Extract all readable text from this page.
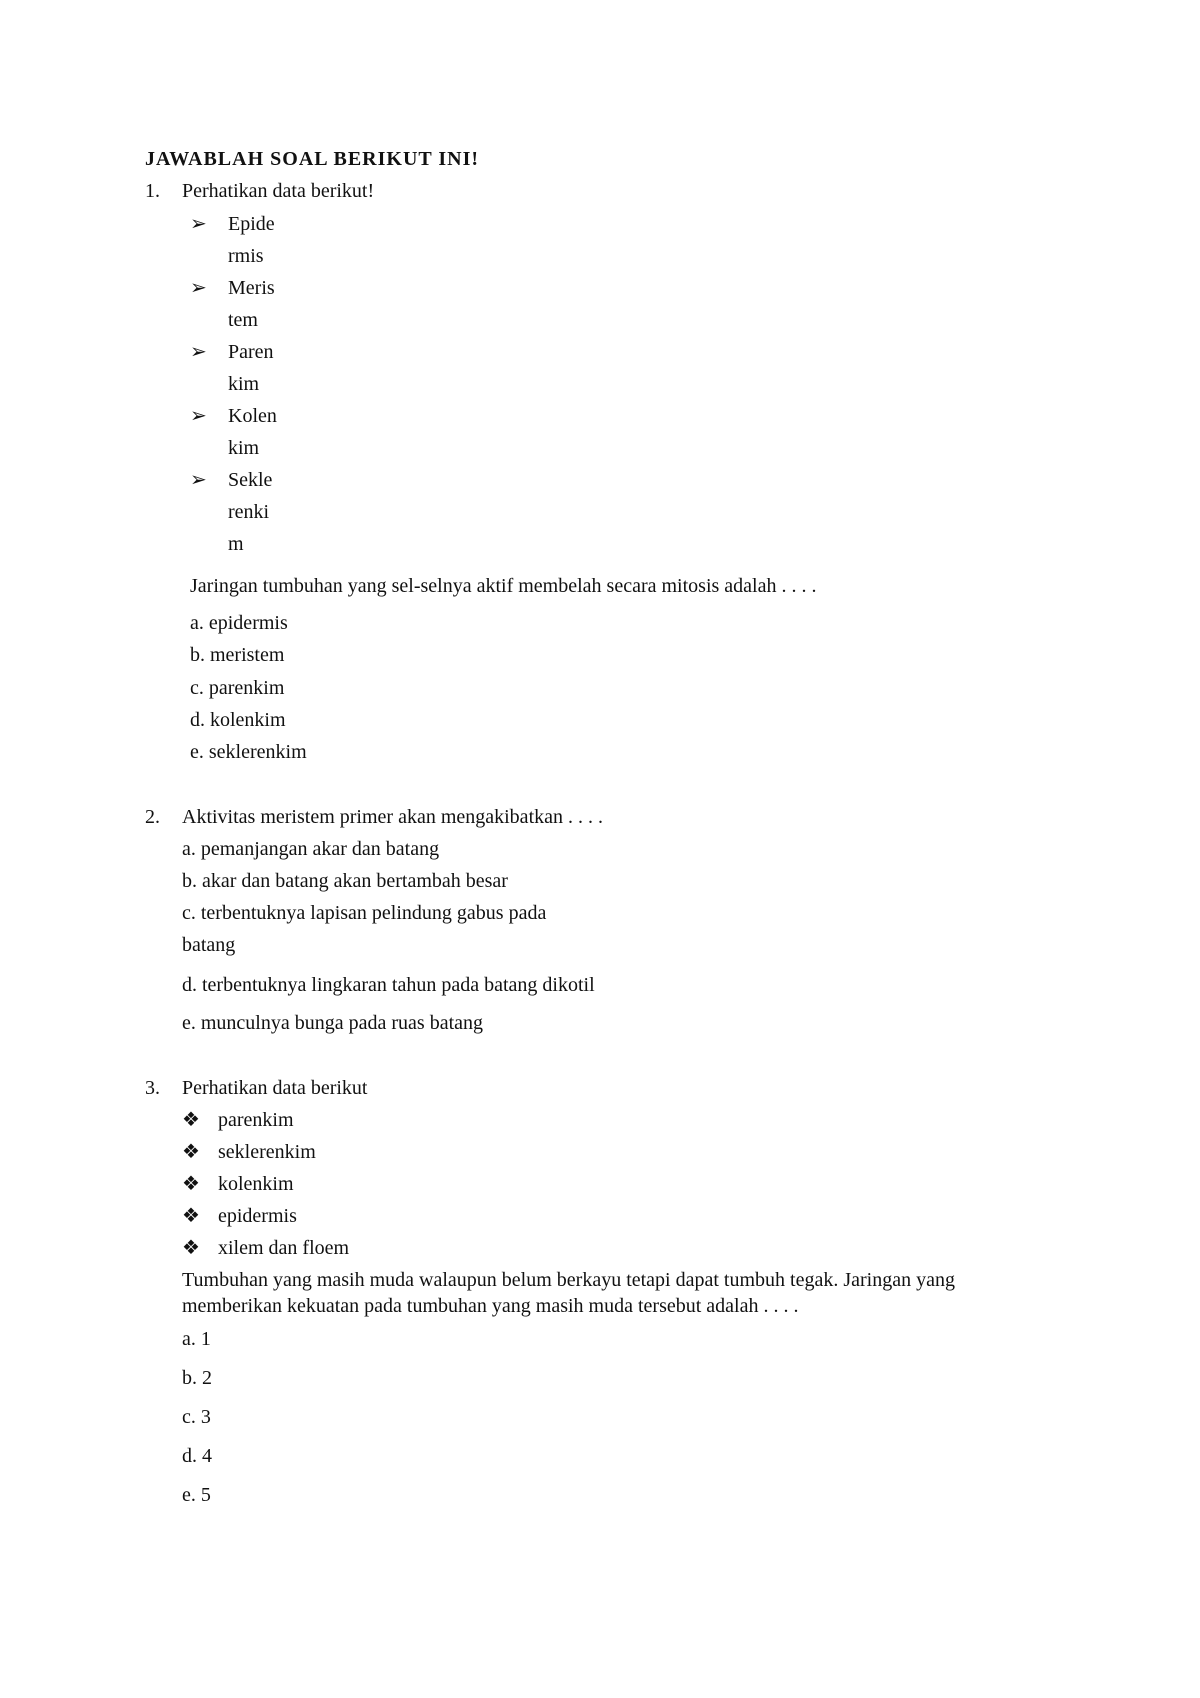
JAWABLAH SOAL BERIKUT INI!
1. Perhatikan data berikut!
➢ Epide
rmis
➢ Meris
tem
➢ Paren
kim
➢ Kolen
kim
➢ Sekle
renki
m
Jaringan tumbuhan yang sel-selnya aktif membelah secara mitosis adalah . . . .
a. epidermis
b. meristem
c. parenkim
d. kolenkim
e. seklerenkim
2. Aktivitas meristem primer akan mengakibatkan . . . .
a. pemanjangan akar dan batang
b. akar dan batang akan bertambah besar
c. terbentuknya lapisan pelindung gabus pada
batang
d. terbentuknya lingkaran tahun pada batang dikotil
e. munculnya bunga pada ruas batang
3. Perhatikan data berikut
❖ parenkim
❖ seklerenkim
❖ kolenkim
❖ epidermis
❖ xilem dan floem
Tumbuhan yang masih muda walaupun belum berkayu tetapi dapat tumbuh tegak. Jaringan yang
memberikan kekuatan pada tumbuhan yang masih muda tersebut adalah . . . .
a. 1
b. 2
c. 3
d. 4
e. 5
